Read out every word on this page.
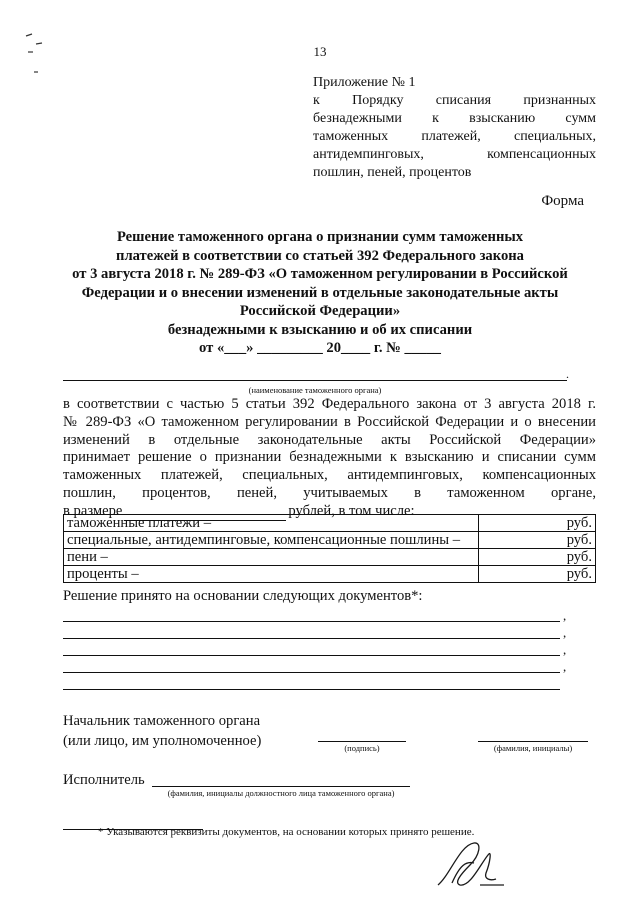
13
Приложение № 1
к Порядку списания признанных
безнадежными к взысканию сумм
таможенных платежей, специальных,
антидемпинговых, компенсационных
пошлин, пеней, процентов
Форма
Решение таможенного органа о признании сумм таможенных
платежей в соответствии со статьей 392 Федерального закона
от 3 августа 2018 г. № 289-ФЗ «О таможенном регулировании в Российской
Федерации и о внесении изменений в отдельные законодательные акты
Российской Федерации»
безнадежными к взысканию и об их списании
от «___» _________ 20____ г. № _____
.
(наименование таможенного органа)
в соответствии с частью 5 статьи 392 Федерального закона от 3 августа 2018 г.
№ 289-ФЗ «О таможенном регулировании в Российской Федерации и о внесении
изменений в отдельные законодательные акты Российской Федерации»
принимает решение о признании безнадежными к взысканию и списании сумм
таможенных платежей, специальных, антидемпинговых, компенсационных
пошлин, процентов, пеней, учитываемых в таможенном органе,
в размере	рублей, в том числе:
таможенные платежи –	руб.
специальные, антидемпинговые, компенсационные пошлины –	руб.
пени –	руб.
проценты –	руб.
Решение принято на основании следующих документов*:
,
,
,
,
Начальник таможенного органа
(или лицо, им уполномоченное)	(подпись)	(фамилия, инициалы)
Исполнитель
(фамилия, инициалы должностного лица таможенного органа)
* Указываются реквизиты документов, на основании которых принято решение.
